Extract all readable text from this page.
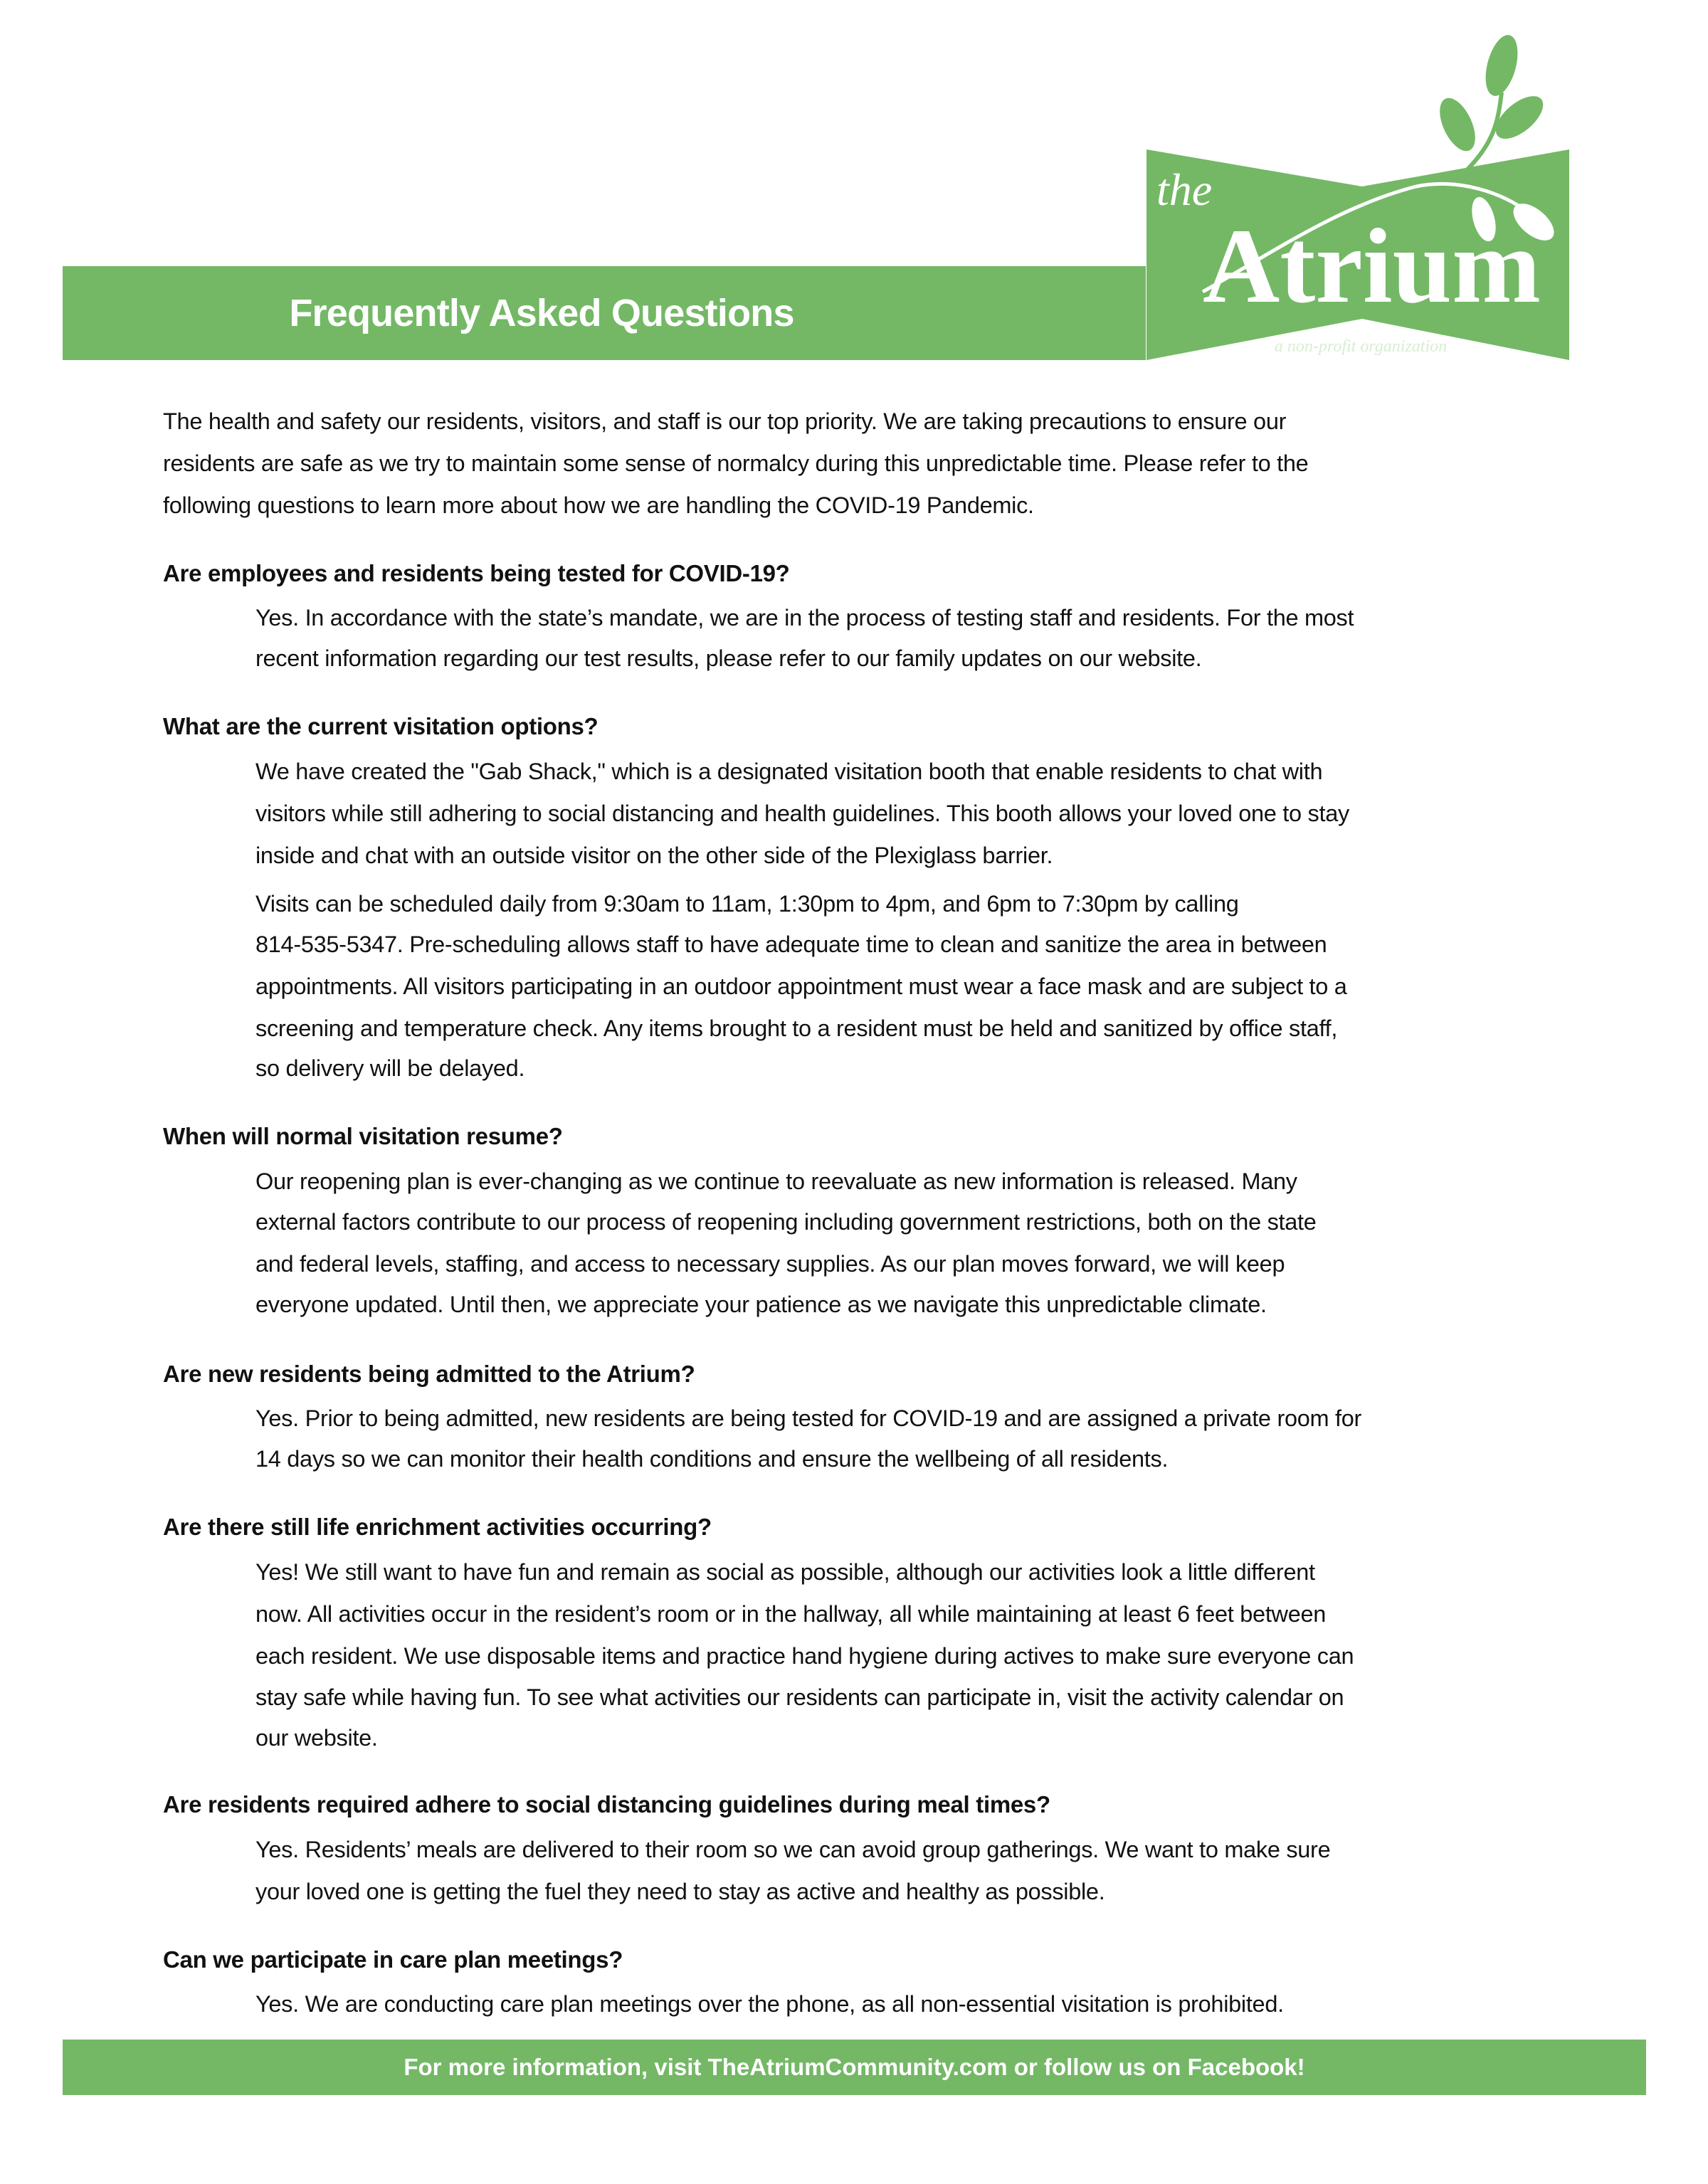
Frequently Asked Questions
the
Atrium
a non-profit organization
The health and safety our residents, visitors, and staff is our top priority. We are taking precautions to ensure our
residents are safe as we try to maintain some sense of normalcy during this unpredictable time. Please refer to the
following questions to learn more about how we are handling the COVID-19 Pandemic.
Are employees and residents being tested for COVID-19?
Yes. In accordance with the state’s mandate, we are in the process of testing staff and residents. For the most
recent information regarding our test results, please refer to our family updates on our website.
What are the current visitation options?
We have created the "Gab Shack," which is a designated visitation booth that enable residents to chat with
visitors while still adhering to social distancing and health guidelines. This booth allows your loved one to stay
inside and chat with an outside visitor on the other side of the Plexiglass barrier.
Visits can be scheduled daily from 9:30am to 11am, 1:30pm to 4pm, and 6pm to 7:30pm by calling
814-535-5347. Pre-scheduling allows staff to have adequate time to clean and sanitize the area in between
appointments. All visitors participating in an outdoor appointment must wear a face mask and are subject to a
screening and temperature check. Any items brought to a resident must be held and sanitized by office staff,
so delivery will be delayed.
When will normal visitation resume?
Our reopening plan is ever-changing as we continue to reevaluate as new information is released. Many
external factors contribute to our process of reopening including government restrictions, both on the state
and federal levels, staffing, and access to necessary supplies. As our plan moves forward, we will keep
everyone updated. Until then, we appreciate your patience as we navigate this unpredictable climate.
Are new residents being admitted to the Atrium?
Yes. Prior to being admitted, new residents are being tested for COVID-19 and are assigned a private room for
14 days so we can monitor their health conditions and ensure the wellbeing of all residents.
Are there still life enrichment activities occurring?
Yes! We still want to have fun and remain as social as possible, although our activities look a little different
now. All activities occur in the resident’s room or in the hallway, all while maintaining at least 6 feet between
each resident. We use disposable items and practice hand hygiene during actives to make sure everyone can
stay safe while having fun. To see what activities our residents can participate in, visit the activity calendar on
our website.
Are residents required adhere to social distancing guidelines during meal times?
Yes. Residents’ meals are delivered to their room so we can avoid group gatherings. We want to make sure
your loved one is getting the fuel they need to stay as active and healthy as possible.
Can we participate in care plan meetings?
Yes. We are conducting care plan meetings over the phone, as all non-essential visitation is prohibited.
For more information, visit TheAtriumCommunity.com or follow us on Facebook!
